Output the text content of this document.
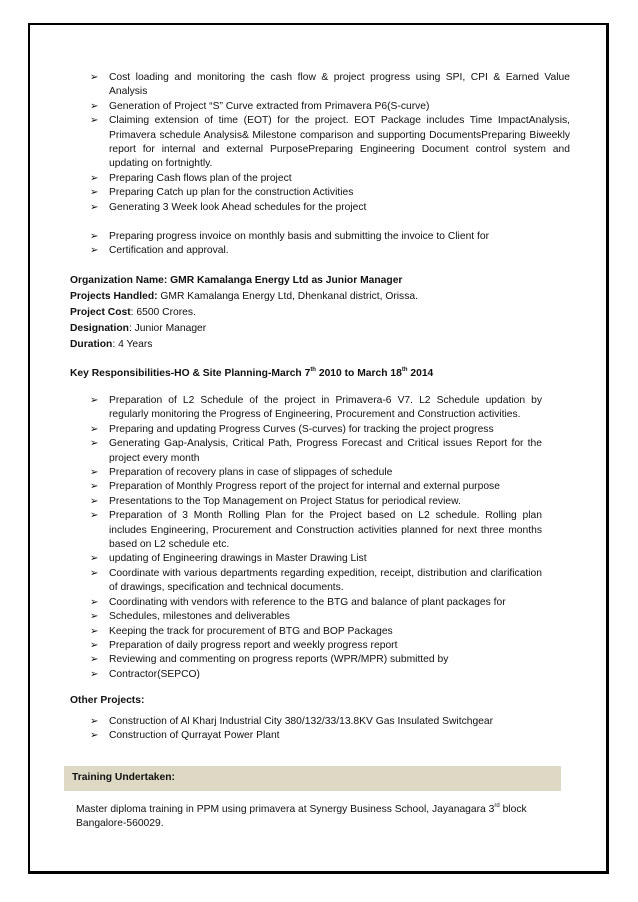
➢ Cost loading and monitoring the cash flow & project progress using SPI, CPI & Earned Value Analysis
➢ Generation of Project “S” Curve extracted from Primavera P6(S-curve)
➢ Claiming extension of time (EOT) for the project. EOT Package includes Time ImpactAnalysis, Primavera schedule Analysis& Milestone comparison and supporting DocumentsPreparing Biweekly report for internal and external PurposePreparing Engineering Document control system and updating on fortnightly.
➢ Preparing Cash flows plan of the project
➢ Preparing Catch up plan for the construction Activities
➢ Generating 3 Week look Ahead schedules for the project
➢ Preparing progress invoice on monthly basis and submitting the invoice to Client for
➢ Certification and approval.
Organization Name: GMR Kamalanga Energy Ltd as Junior Manager
Projects Handled: GMR Kamalanga Energy Ltd, Dhenkanal district, Orissa.
Project Cost: 6500 Crores.
Designation: Junior Manager
Duration: 4 Years
Key Responsibilities-HO & Site Planning-March 7th 2010 to March 18th 2014
➢ Preparation of L2 Schedule of the project in Primavera-6 V7. L2 Schedule updation by regularly monitoring the Progress of Engineering, Procurement and Construction activities.
➢ Preparing and updating Progress Curves (S-curves) for tracking the project progress
➢ Generating Gap-Analysis, Critical Path, Progress Forecast and Critical issues Report for the project every month
➢ Preparation of recovery plans in case of slippages of schedule
➢ Preparation of Monthly Progress report of the project for internal and external purpose
➢ Presentations to the Top Management on Project Status for periodical review.
➢ Preparation of 3 Month Rolling Plan for the Project based on L2 schedule. Rolling plan includes Engineering, Procurement and Construction activities planned for next three months based on L2 schedule etc.
➢ updating of Engineering drawings in Master Drawing List
➢ Coordinate with various departments regarding expedition, receipt, distribution and clarification of drawings, specification and technical documents.
➢ Coordinating with vendors with reference to the BTG and balance of plant packages for
➢ Schedules, milestones and deliverables
➢ Keeping the track for procurement of BTG and BOP Packages
➢ Preparation of daily progress report and weekly progress report
➢ Reviewing and commenting on progress reports (WPR/MPR) submitted by
➢ Contractor(SEPCO)
Other Projects:
➢ Construction of Al Kharj Industrial City 380/132/33/13.8KV Gas Insulated Switchgear
➢ Construction of Qurrayat Power Plant
Training Undertaken:
Master diploma training in PPM using primavera at Synergy Business School, Jayanagara 3rd block
Bangalore-560029.
